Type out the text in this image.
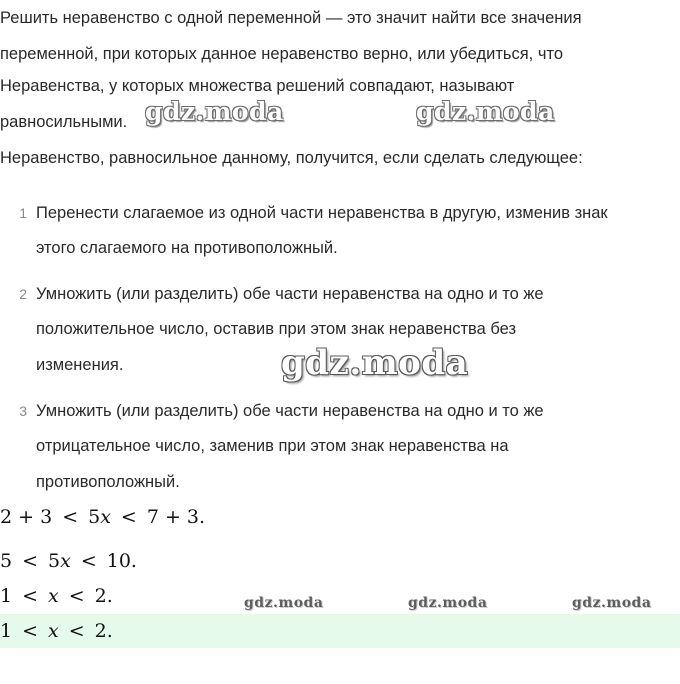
Решить неравенство с одной переменной — это значит найти все значения
переменной, при которых данное неравенство верно, или убедиться, что
Неравенства, у которых множества решений совпадают, называют
равносильными.
Неравенство, равносильное данному, получится, если сделать следующее:
1 Перенести слагаемое из одной части неравенства в другую, изменив знак
этого слагаемого на противоположный.
2 Умножить (или разделить) обе части неравенства на одно и то же
положительное число, оставив при этом знак неравенства без
изменения.
3 Умножить (или разделить) обе части неравенства на одно и то же
отрицательное число, заменив при этом знак неравенства на
противоположный.
2 + 3 < 5x < 7 + 3.
5 < 5x < 10.
1 < x < 2.
1 < x < 2.
gdz.moda	gdz.moda
gdz.moda
gdz.moda	gdz.moda	gdz.moda
